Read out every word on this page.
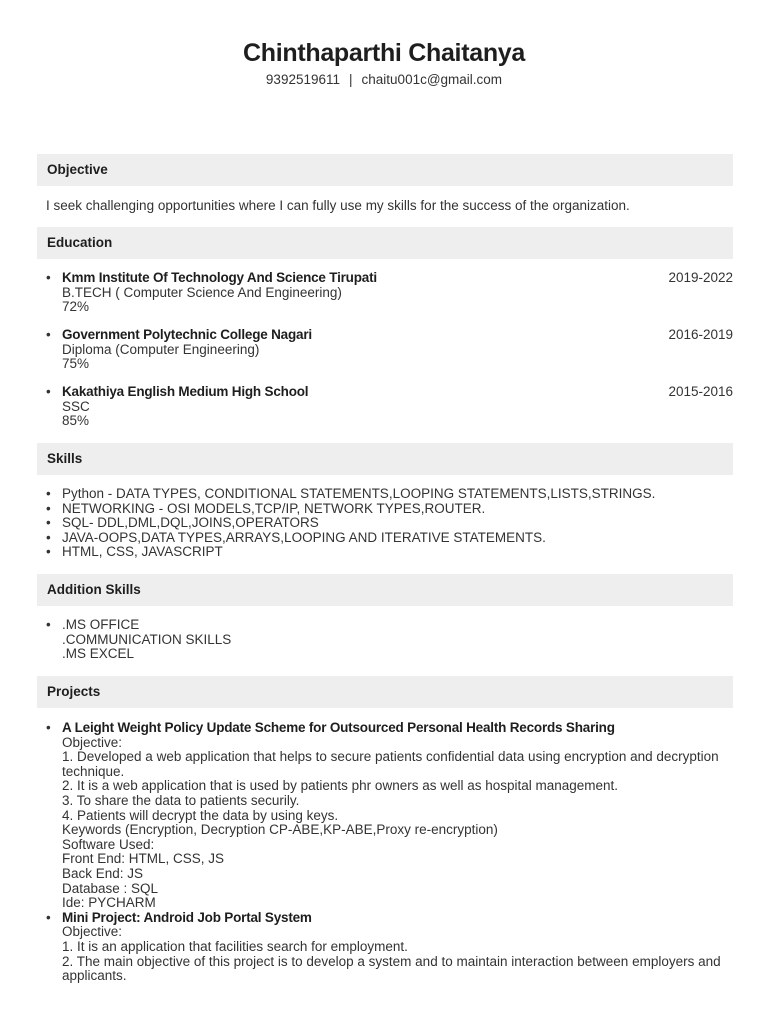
Chinthaparthi Chaitanya
9392519611 | chaitu001c@gmail.com
Objective
I seek challenging opportunities where I can fully use my skills for the success of the organization.
Education
• Kmm Institute Of Technology And Science Tirupati
B.TECH ( Computer Science And Engineering)
72%
2019-2022
• Government Polytechnic College Nagari
Diploma (Computer Engineering)
75%
2016-2019
• Kakathiya English Medium High School
SSC
85%
2015-2016
Skills
• Python - DATA TYPES, CONDITIONAL STATEMENTS,LOOPING STATEMENTS,LISTS,STRINGS.
• NETWORKING - OSI MODELS,TCP/IP, NETWORK TYPES,ROUTER.
• SQL- DDL,DML,DQL,JOINS,OPERATORS
• JAVA-OOPS,DATA TYPES,ARRAYS,LOOPING AND ITERATIVE STATEMENTS.
• HTML, CSS, JAVASCRIPT
Addition Skills
• .MS OFFICE
.COMMUNICATION SKILLS
.MS EXCEL
Projects
• A Leight Weight Policy Update Scheme for Outsourced Personal Health Records Sharing
Objective:
1. Developed a web application that helps to secure patients confidential data using encryption and decryption technique.
2. It is a web application that is used by patients phr owners as well as hospital management.
3. To share the data to patients securily.
4. Patients will decrypt the data by using keys.
Keywords (Encryption, Decryption CP-ABE,KP-ABE,Proxy re-encryption)
Software Used:
Front End: HTML, CSS, JS
Back End: JS
Database : SQL
Ide: PYCHARM
• Mini Project: Android Job Portal System
Objective:
1. It is an application that facilities search for employment.
2. The main objective of this project is to develop a system and to maintain interaction between employers and applicants.
